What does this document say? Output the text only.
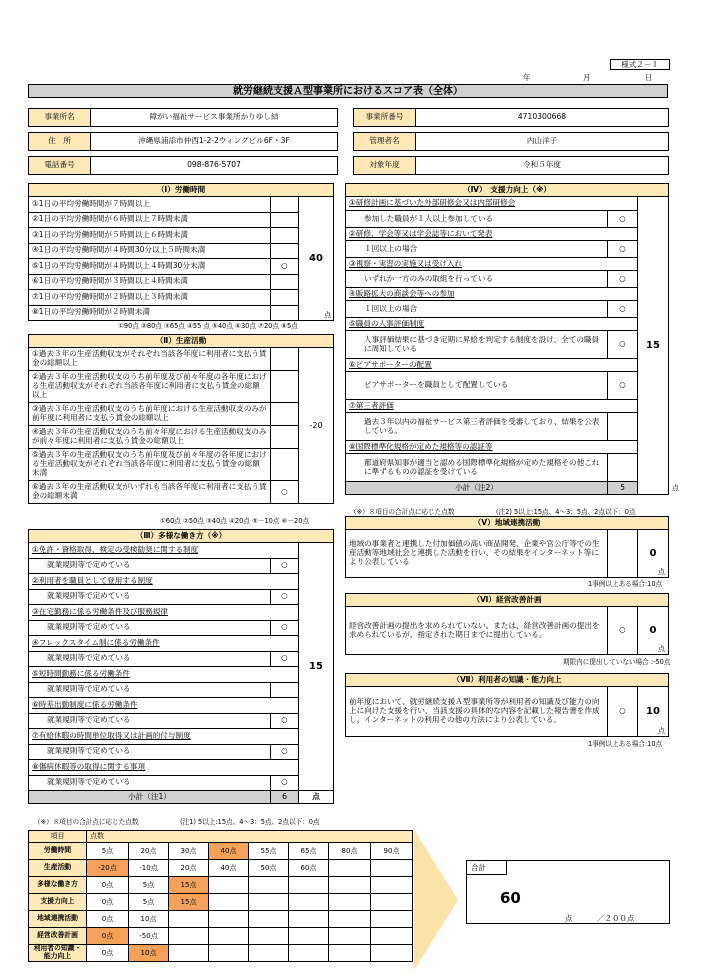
様式２－１
年	月	日
就労継続支援Ａ型事業所におけるスコア表（全体）
事業所名	障がい福祉サービス事業所かりゆし結		事業所番号	4710300668

住　所	沖縄県浦添市仲西1-2-2ウィングビル6F・3F		管理者名	内山洋子

電話番号	098-876-5707		対象年度	令和５年度
（Ⅰ）労働時間		
①1日の平均労働時間が７時間以上		40
点

②1日の平均労働時間が６時間以上７時間未満		
③1日の平均労働時間が５時間以上６時間未満		
④1日の平均労働時間が４時間30分以上５時間未満		
⑤1日の平均労働時間が４時間以上４時間30分未満	○	
⑥1日の平均労働時間が３時間以上４時間未満		
⑦1日の平均労働時間が２時間以上３時間未満		
⑧1日の平均労働時間が２時間未満		
①90点 ②80点 ③65点 ④55 点 ⑤40点 ⑥30点 ⑦20点 ⑧5点
（Ⅱ）生産活動		
①過去３年の生産活動収支がそれぞれ当該各年度に利用者に支払う賃金の総額以上		-20
②過去３年の生産活動収支のうち前年度及び前々年度の各年度における生産活動収支がそれぞれ当該各年度に利用者に支払う賃金の総額以上		
③過去３年の生産活動収支のうち前年度における生産活動収支のみが前年度に利用者に支払う賃金の総額以上		
④過去３年の生産活動収支のうち前々年度における生産活動収支のみが前々年度に利用者に支払う賃金の総額以上		
⑤過去３年の生産活動収支のうち前年度及び前々年度の各年度における生産活動収支がそれぞれ当該各年度に利用者に支払う賃金の総額未満		
⑥過去３年の生産活動収支がいずれも当該各年度に利用者に支払う賃金の総額未満	○	
①60点 ②50点 ③40点 ④20点 ⑤－10点 ⑥－20点
（Ⅲ）多様な働き方（※）		
①免許・資格取得、検定の受検勧奨に関する制度		15
就業規則等で定めている	○	
②利用者を職員として登用する制度		
就業規則等で定めている	○	
③在宅勤務に係る労働条件及び服務規律		
就業規則等で定めている	○	
④フレックスタイム制に係る労働条件		
就業規則等で定めている	○	
⑤短時間勤務に係る労働条件		
就業規則等で定めている		
⑥時差出勤制度に係る労働条件		
就業規則等で定めている	○	
⑦有給休暇の時間単位取得又は計画的付与制度		
就業規則等で定めている	○	
⑧傷病休暇等の取得に関する事項		
就業規則等で定めている	○	
小計（注1）	6	点
（※）８項目の合計点に応じた点数	(注1) 5以上:15点、4～3：5点、2点以下：0点
（Ⅳ）　支援力向上（※）			
①研修計画に基づいた外部研修会又は内部研修会		15	
参加した職員が１人以上参加している	○		
②研修、学会等又は学会誌等において発表			
１回以上の場合	○		
③視察・実習の実施又は受け入れ			
いずれか一方のみの取組を行っている	○		
④販路拡大の商談会等への参加			
１回以上の場合	○		
⑤職員の人事評価制度			
人事評価結果に基づき定期に昇給を判定する制度を設け、全ての職員に周知している	○		
⑥ピアサポーターの配置			
ピアサポーターを職員として配置している	○		
⑦第三者評価			
過去３年以内の福祉サービス第三者評価を受審しており、結果を公表している。			
⑧国際標準化規格が定めた規格等の認証等			
都道府県知事が適当と認める国際標準化規格が定めた規格その他これに準ずるものの認証を受けている			
小計（注2）	5		点
（※）８項目の合計点に応じた点数	(注2) 5以上:15点、4～3：5点、2点以下：0点
（Ⅴ）地域連携活動
地域の事業者と連携した付加価値の高い商品開発、企業や官公庁等での生産活動等地域社会と連携した活動を行い、その結果をインターネット等により公表している		0
点
1事例以上ある場合:10点
（Ⅵ）経営改善計画
経営改善計画の提出を求められていない。または、経営改善計画の提出を求められているが、指定された期日までに提出している。	○	0
点
期限内に提出していない場合 :-50点
（Ⅶ）利用者の知識・能力向上
前年度において、就労継続支援Ａ型事業所等が利用者の知識及び能力の向上に向けた支援を行い、当該支援の具体的な内容を記載した報告書を作成し、インターネットの利用その他の方法により公表している。	○	10
点
1事例以上ある場合:10点
項目	点数							
労働時間	5点	20点	30点	40点	55点	65点	80点	90点
生産活動	-20点	-10点	20点	40点	50点	60点		
多様な働き方	0点	5点	15点					
支援力向上	0点	5点	15点					
地域連携活動	0点	10点						
経営改善計画	0点	-50点						
利用者の知識・能力向上	0点	10点						
合計
60
点	／２００点
